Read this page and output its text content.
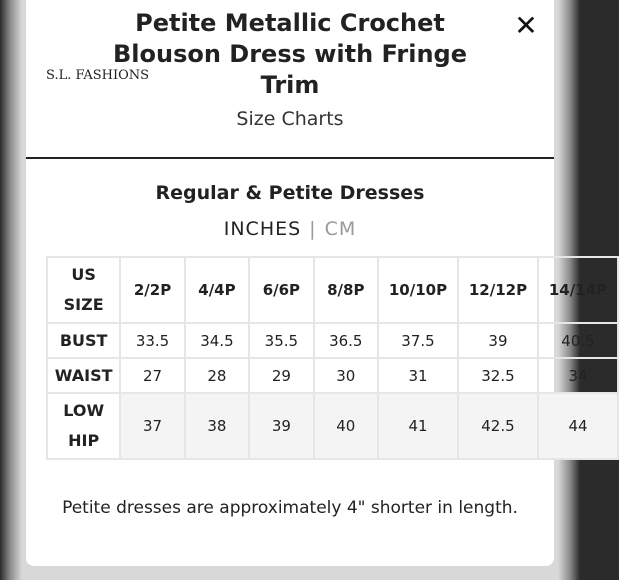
Petite Metallic Crochet Blouson Dress with Fringe Trim
S.L. FASHIONS
Size Charts
✕
Regular & Petite Dresses
INCHES | CM
US
SIZE	2/2P	4/4P	6/6P	8/8P	10/10P	12/12P	14/14P
BUST	33.5	34.5	35.5	36.5	37.5	39	40.5
WAIST	27	28	29	30	31	32.5	34

LOW
HIP	37	38	39	40	41	42.5	44
Petite dresses are approximately 4" shorter in length.
